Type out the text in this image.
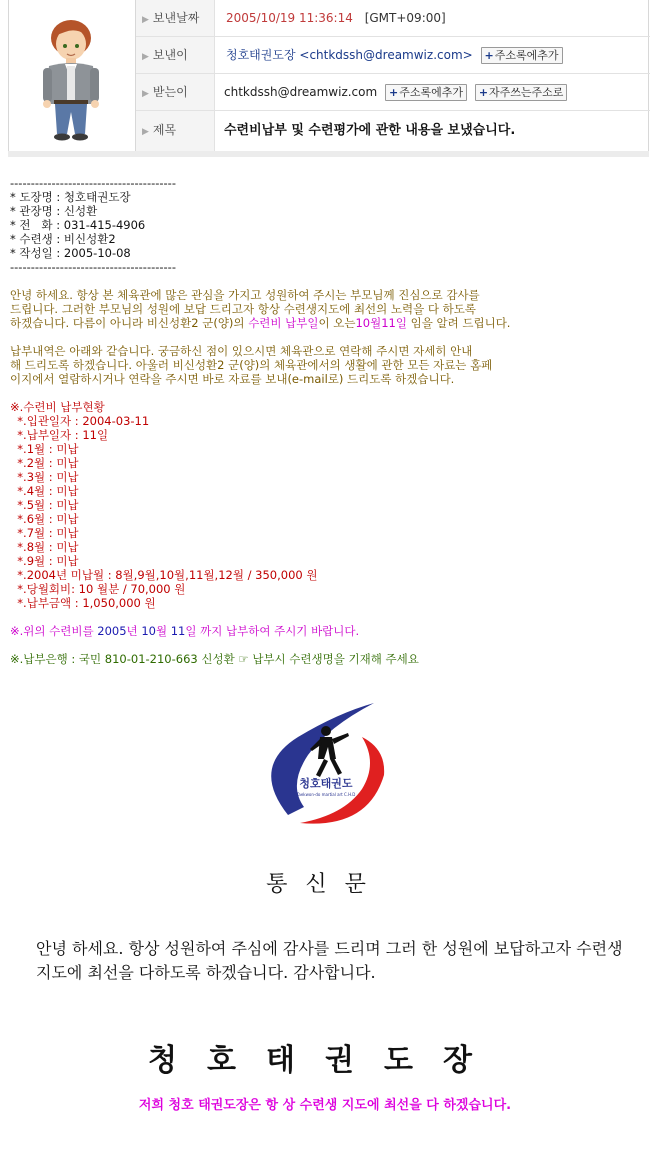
▶ 보낸날짜	2005/10/19 11:36:14 [GMT+09:00]
▶ 보낸이	청호태권도장 <chtkdssh@dreamwiz.com> +주소록에추가
▶ 받는이	chtkdssh@dreamwiz.com +주소록에추가 +자주쓰는주소로
▶ 제목	수련비납부 및 수련평가에 관한 내용을 보냈습니다.
----------------------------------------
* 도장명 : 청호태권도장
* 관장명 : 신성환
* 전   화 : 031-415-4906
* 수련생 : 비신성환2
* 작성일 : 2005-10-08
----------------------------------------
안녕 하세요. 항상 본 체육관에 많은 관심을 가지고 성원하여 주시는 부모님께 진심으로 감사를
드립니다. 그러한 부모님의 성원에 보답 드리고자 항상 수련생지도에 최선의 노력을 다 하도록
하겠습니다. 다름이 아니라 비신성환2 군(양)의 수련비 납부일이 오는10월11일 임을 알려 드립니다.
납부내역은 아래와 같습니다. 궁금하신 점이 있으시면 체육관으로 연락해 주시면 자세히 안내
해 드리도록 하겠습니다. 아울러 비신성환2 군(양)의 체육관에서의 생활에 관한 모든 자료는 홈페
이지에서 열람하시거나 연락을 주시면 바로 자료를 보내(e-mail로) 드리도록 하겠습니다.
※.수련비 납부현황
*.입관일자 : 2004-03-11
*.납부일자 : 11일
*.1월 : 미납
*.2월 : 미납
*.3월 : 미납
*.4월 : 미납
*.5월 : 미납
*.6월 : 미납
*.7월 : 미납
*.8월 : 미납
*.9월 : 미납
*.2004년 미납월 : 8월,9월,10월,11월,12월 / 350,000 원
*.당월회비: 10 월분 / 70,000 원
*.납부금액 : 1,050,000 원
※.위의 수련비를 2005년 10월 11일 까지 납부하여 주시기 바랍니다.
※.납부은행 : 국민 810-01-210-663 신성환 ☞ 납부시 수련생명을 기재해 주세요
청호태권도
Taekwon-do martial art C.H.D
통신문
안녕 하세요. 항상 성원하여 주심에 감사를 드리며 그러 한 성원에 보답하고자 수련생 지도에 최선을 다하도록 하겠습니다. 감사합니다.
청호태권도장
저희 청호 태권도장은 항 상 수련생 지도에 최선을 다 하겠습니다.
